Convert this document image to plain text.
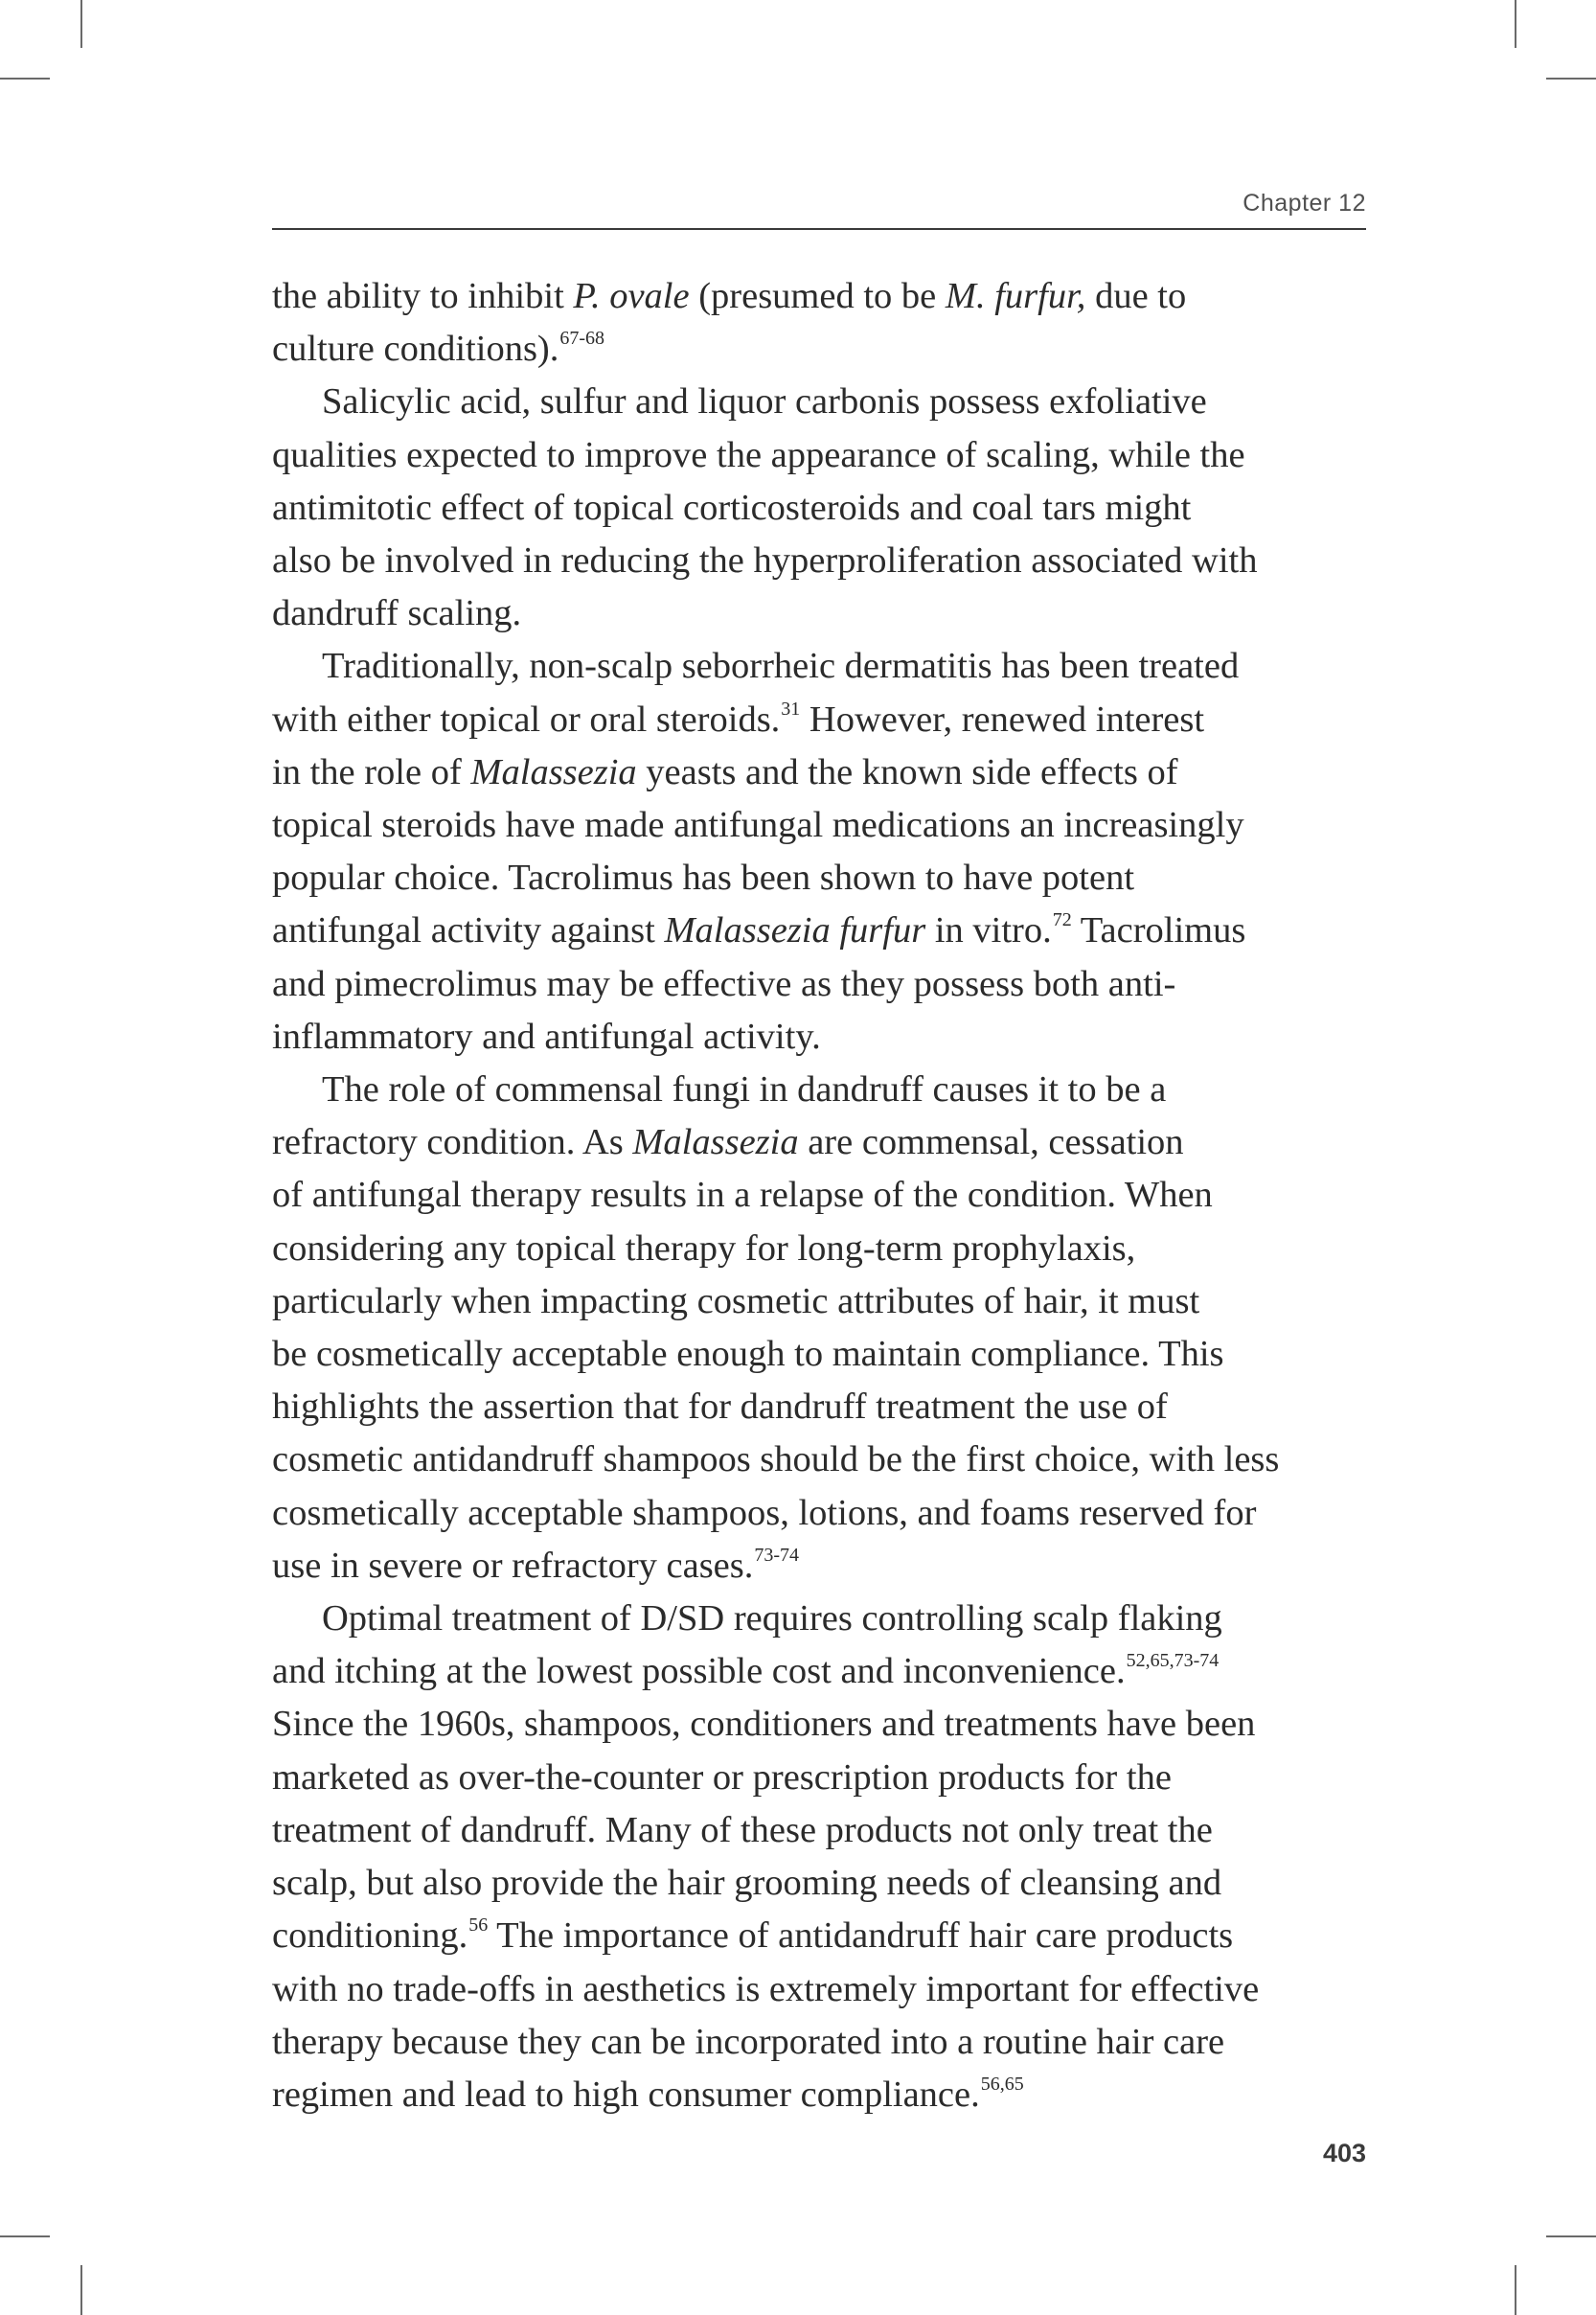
Chapter 12
the ability to inhibit P. ovale (presumed to be M. furfur, due to
culture conditions).$^{67-68}$
Salicylic acid, sulfur and liquor carbonis possess exfoliative
qualities expected to improve the appearance of scaling, while the
antimitotic effect of topical corticosteroids and coal tars might
also be involved in reducing the hyperproliferation associated with
dandruff scaling.
Traditionally, non-scalp seborrheic dermatitis has been treated
with either topical or oral steroids.$^{31}$ However, renewed interest
in the role of Malassezia yeasts and the known side effects of
topical steroids have made antifungal medications an increasingly
popular choice. Tacrolimus has been shown to have potent
antifungal activity against Malassezia furfur in vitro.$^{72}$ Tacrolimus
and pimecrolimus may be effective as they possess both anti-
inflammatory and antifungal activity.
The role of commensal fungi in dandruff causes it to be a
refractory condition. As Malassezia are commensal, cessation
of antifungal therapy results in a relapse of the condition. When
considering any topical therapy for long-term prophylaxis,
particularly when impacting cosmetic attributes of hair, it must
be cosmetically acceptable enough to maintain compliance. This
highlights the assertion that for dandruff treatment the use of
cosmetic antidandruff shampoos should be the first choice, with less
cosmetically acceptable shampoos, lotions, and foams reserved for
use in severe or refractory cases.$^{73-74}$
Optimal treatment of D/SD requires controlling scalp flaking
and itching at the lowest possible cost and inconvenience.$^{52,65,73-74}$
Since the 1960s, shampoos, conditioners and treatments have been
marketed as over-the-counter or prescription products for the
treatment of dandruff. Many of these products not only treat the
scalp, but also provide the hair grooming needs of cleansing and
conditioning.$^{56}$ The importance of antidandruff hair care products
with no trade-offs in aesthetics is extremely important for effective
therapy because they can be incorporated into a routine hair care
regimen and lead to high consumer compliance.$^{56,65}$
403
